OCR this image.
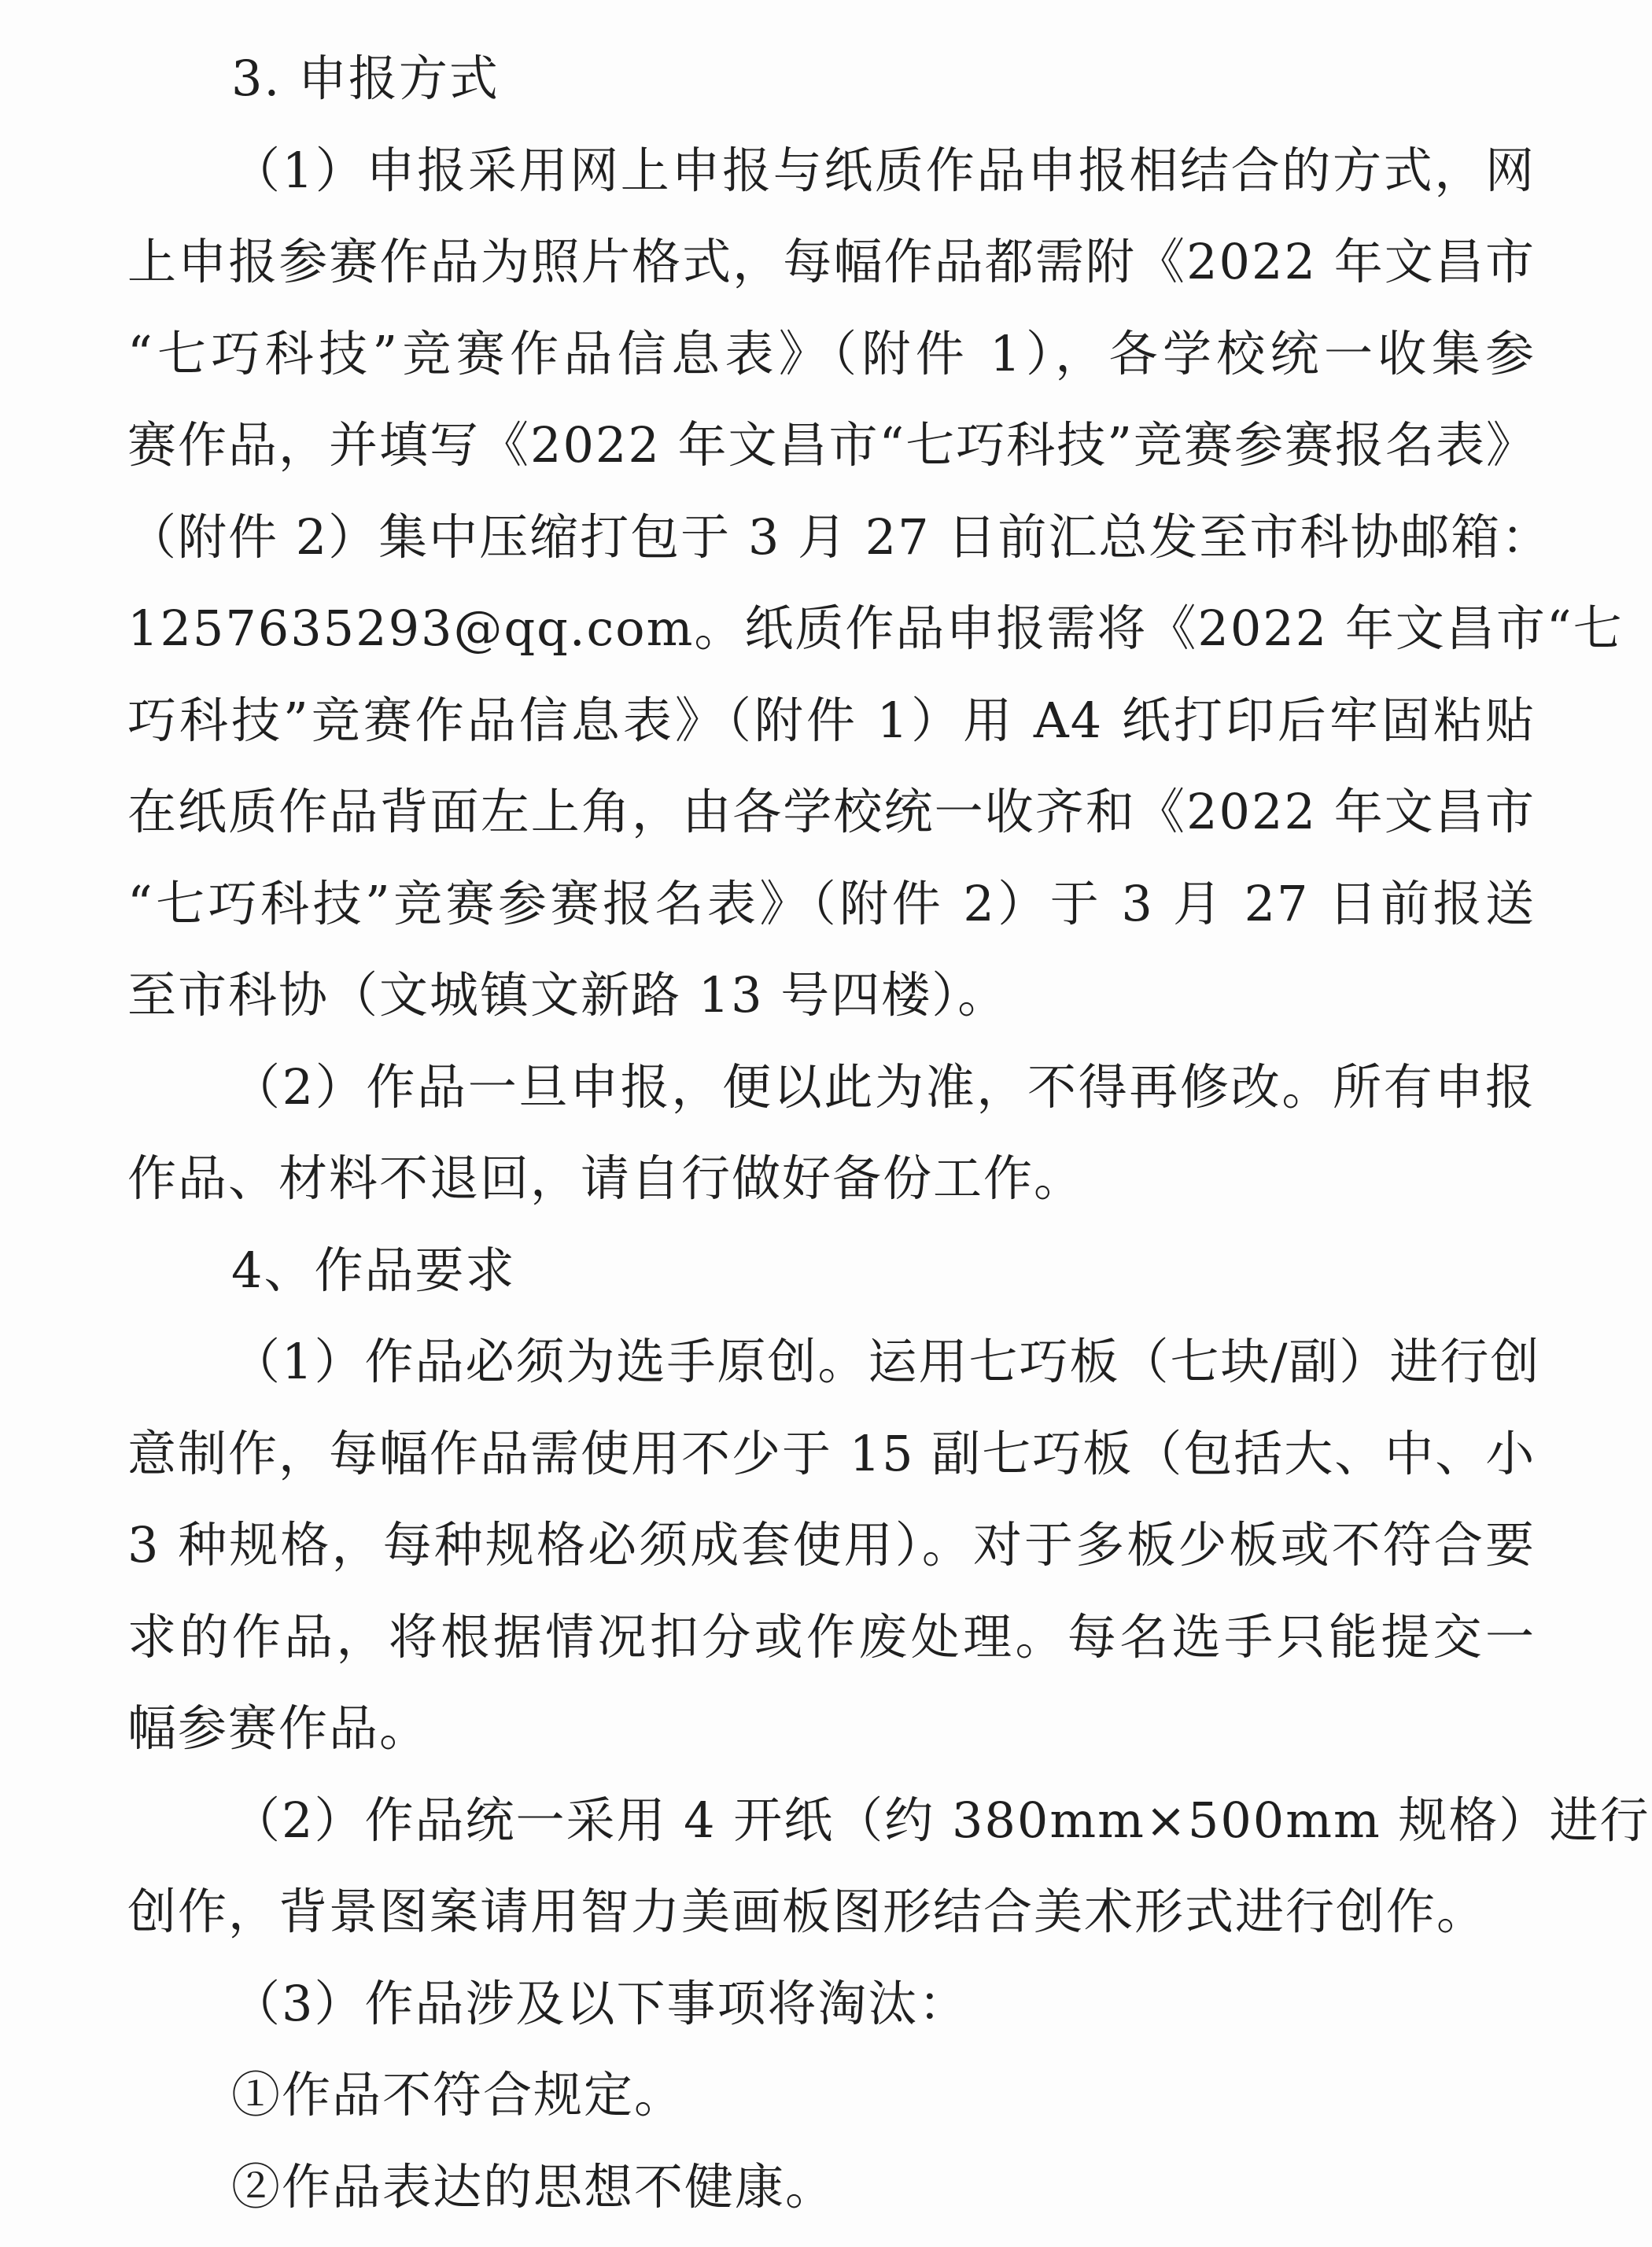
3. 申报方式
（1）申报采用网上申报与纸质作品申报相结合的方式，网
上申报参赛作品为照片格式，每幅作品都需附《2022 年文昌市
“七巧科技”竞赛作品信息表》（附件 1），各学校统一收集参
赛作品，并填写《2022 年文昌市“七巧科技”竞赛参赛报名表》
（附件 2）集中压缩打包于 3 月 27 日前汇总发至市科协邮箱：
1257635293@qq.com。纸质作品申报需将《2022 年文昌市“七
巧科技”竞赛作品信息表》（附件 1）用 A4 纸打印后牢固粘贴
在纸质作品背面左上角，由各学校统一收齐和《2022 年文昌市
“七巧科技”竞赛参赛报名表》（附件 2）于 3 月 27 日前报送
至市科协（文城镇文新路 13 号四楼）。
（2）作品一旦申报，便以此为准，不得再修改。所有申报
作品、材料不退回，请自行做好备份工作。
4、作品要求
（1）作品必须为选手原创。运用七巧板（七块/副）进行创
意制作，每幅作品需使用不少于 15 副七巧板（包括大、中、小
3 种规格，每种规格必须成套使用）。对于多板少板或不符合要
求的作品，将根据情况扣分或作废处理。每名选手只能提交一
幅参赛作品。
（2）作品统一采用 4 开纸（约 380mm×500mm 规格）进行
创作，背景图案请用智力美画板图形结合美术形式进行创作。
（3）作品涉及以下事项将淘汰：
①作品不符合规定。
②作品表达的思想不健康。
